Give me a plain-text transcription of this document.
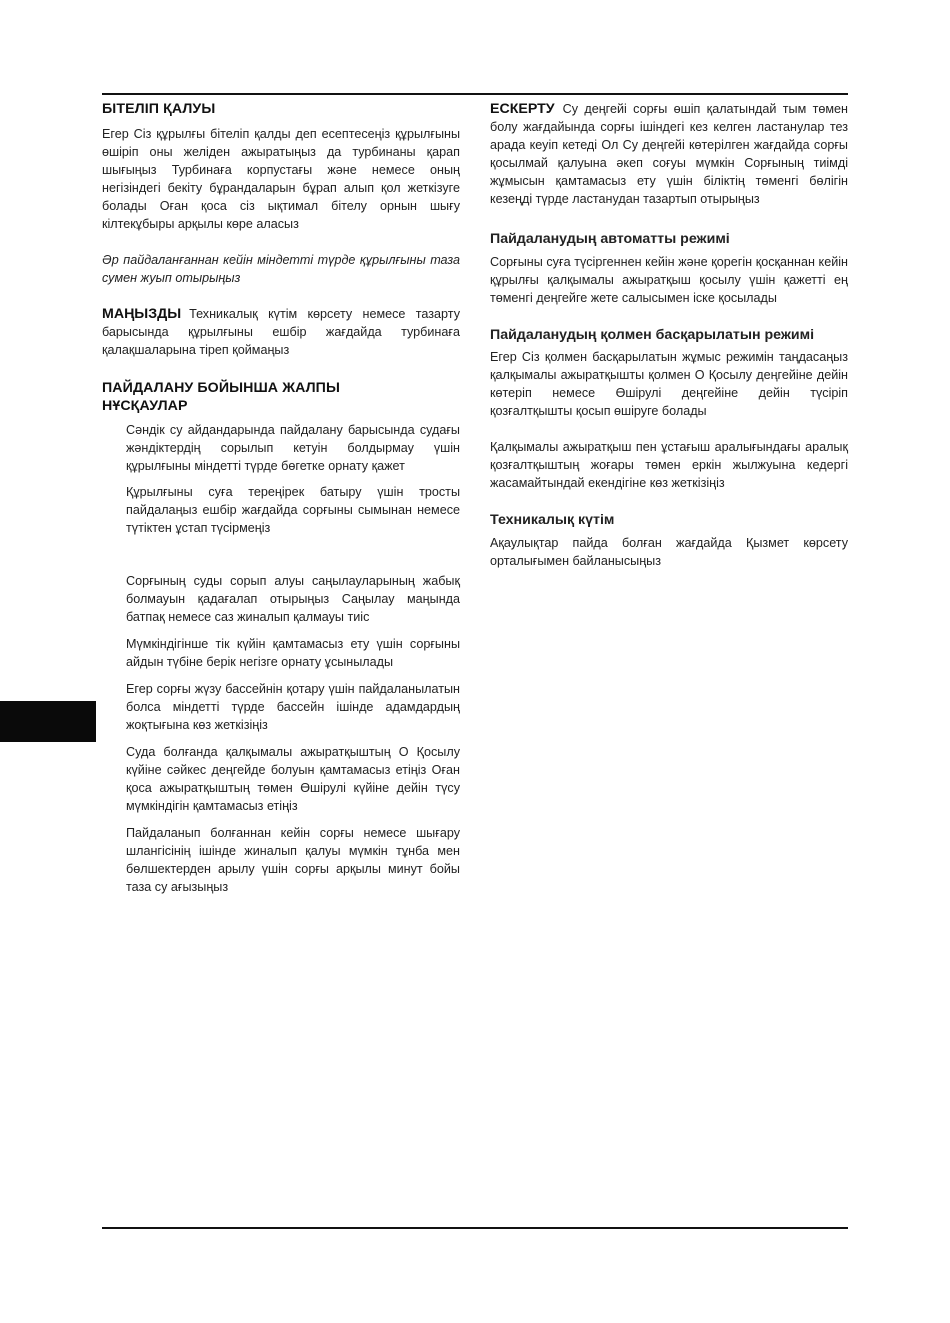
БІТЕЛІП ҚАЛУЫ

Егер Сіз құрылғы бітеліп қалды деп есептесеңіз құрылғыны өшіріп оны желіден ажыратыңыз да турбинаны қарап шығыңыз Турбинаға корпустағы және немесе оның негізіндегі бекіту бұрандаларын бұрап алып қол жеткізуге болады Оған қоса сіз ықтимал бітелу орнын шығу кілтекұбыры арқылы көре аласыз

Әр пайдаланғаннан кейін міндетті түрде құрылғыны таза сумен жуып отырыңыз

МАҢЫЗДЫ Техникалық күтім көрсету немесе тазарту барысында құрылғыны ешбір жағдайда турбинаға қалақшаларына тіреп қоймаңыз

ПАЙДАЛАНУ БОЙЫНША ЖАЛПЫ НҰСҚАУЛАР

Сәндік су айдандарында пайдалану барысында судағы жәндіктердің сорылып кетуін болдырмау үшін құрылғыны міндетті түрде бөгетке орнату қажет

Құрылғыны суға тереңірек батыру үшін тросты пайдалаңыз ешбір жағдайда сорғыны сымынан немесе түтіктен ұстап түсірмеңіз

Сорғының суды сорып алуы саңылауларының жабық болмауын қадағалап отырыңыз Саңылау маңында батпақ немесе саз жиналып қалмауы тиіс

Мүмкіндігінше тік күйін қамтамасыз ету үшін сорғыны айдын түбіне берік негізге орнату ұсынылады

Егер сорғы жүзу бассейнін қотару үшін пайдаланылатын болса міндетті түрде бассейн ішінде адамдардың жоқтығына көз жеткізіңіз

Суда болғанда қалқымалы ажыратқыштың О Қосылу күйіне сәйкес деңгейде болуын қамтамасыз етіңіз Оған қоса ажыратқыштың төмен Өшірулі күйіне дейін түсу мүмкіндігін қамтамасыз етіңіз

Пайдаланып болғаннан кейін сорғы немесе шығару шлангісінің ішінде жиналып қалуы мүмкін тұнба мен бөлшектерден арылу үшін сорғы арқылы минут бойы таза су ағызыңыз

ЕСКЕРТУ Су деңгейі сорғы өшіп қалатындай тым төмен болу жағдайында сорғы ішіндегі кез келген ластанулар тез арада кеуіп кетеді Ол Су деңгейі көтерілген жағдайда сорғы қосылмай қалуына әкеп соғуы мүмкін Сорғының тиімді жұмысын қамтамасыз ету үшін біліктің төменгі бөлігін кезеңді түрде ластанудан тазартып отырыңыз

Пайдаланудың автоматты режимі

Сорғыны суға түсіргеннен кейін және қорегін қосқаннан кейін құрылғы қалқымалы ажыратқыш қосылу үшін қажетті ең төменгі деңгейге жете салысымен іске қосылады

Пайдаланудың қолмен басқарылатын режимі

Егер Сіз қолмен басқарылатын жұмыс режимін таңдасаңыз қалқымалы ажыратқышты қолмен О Қосылу деңгейіне дейін көтеріп немесе Өшірулі деңгейіне дейін түсіріп қозғалтқышты қосып өшіруге болады

Қалқымалы ажыратқыш пен ұстағыш аралығындағы аралық қозғалтқыштың жоғары төмен еркін жылжуына кедергі жасамайтындай екендігіне көз жеткізіңіз

Техникалық күтім

Ақаулықтар пайда болған жағдайда Қызмет көрсету орталығымен байланысыңыз
